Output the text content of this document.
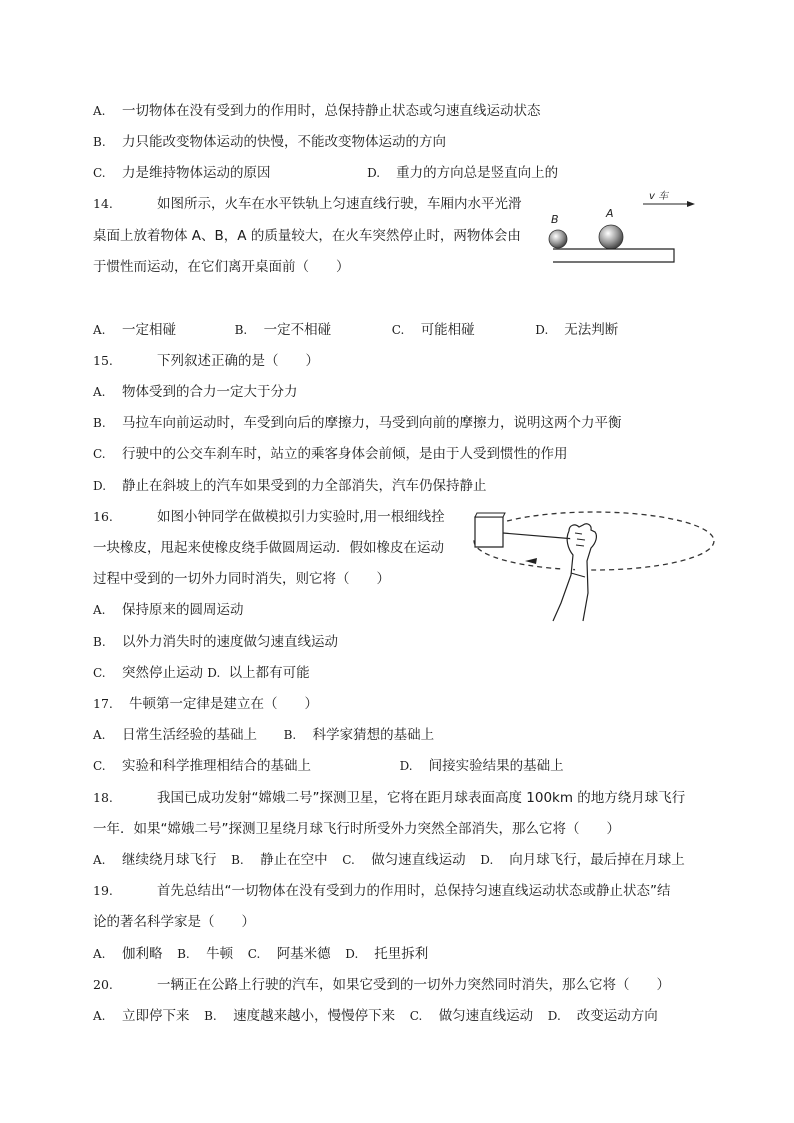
A. 一切物体在没有受到力的作用时，总保持静止状态或匀速直线运动状态
B. 力只能改变物体运动的快慢，不能改变物体运动的方向
C. 力是维持物体运动的原因	D. 重力的方向总是竖直向上的
14.	如图所示，火车在水平铁轨上匀速直线行驶，车厢内水平光滑
桌面上放着物体 A、B，A 的质量较大，在火车突然停止时，两物体会由
于惯性而运动，在它们离开桌面前（　　）
v 车
B	A
A. 一定相碰	B. 一定不相碰	C. 可能相碰	D. 无法判断
15.	下列叙述正确的是（　　）
A. 物体受到的合力一定大于分力
B. 马拉车向前运动时，车受到向后的摩擦力，马受到向前的摩擦力，说明这两个力平衡
C. 行驶中的公交车刹车时，站立的乘客身体会前倾，是由于人受到惯性的作用
D. 静止在斜坡上的汽车如果受到的力全部消失，汽车仍保持静止
16.	如图小钟同学在做模拟引力实验时,用一根细线拴
一块橡皮，甩起来使橡皮绕手做圆周运动．假如橡皮在运动
过程中受到的一切外力同时消失，则它将（　　）
A. 保持原来的圆周运动
B. 以外力消失时的速度做匀速直线运动
C. 突然停止运动 D. 以上都有可能
17. 牛顿第一定律是建立在（　　）
A. 日常生活经验的基础上 B. 科学家猜想的基础上
C. 实验和科学推理相结合的基础上	D. 间接实验结果的基础上
18.	我国已成功发射“嫦娥二号”探测卫星，它将在距月球表面高度 100km 的地方绕月球飞行
一年．如果“嫦娥二号”探测卫星绕月球飞行时所受外力突然全部消失，那么它将（　　）
A. 继续绕月球飞行 B. 静止在空中 C. 做匀速直线运动 D. 向月球飞行，最后掉在月球上
19.	首先总结出“一切物体在没有受到力的作用时，总保持匀速直线运动状态或静止状态”结
论的著名科学家是（　　）
A. 伽利略 B. 牛顿 C. 阿基米德 D. 托里拆利
20.	一辆正在公路上行驶的汽车，如果它受到的一切外力突然同时消失，那么它将（　　）
A. 立即停下来 B. 速度越来越小，慢慢停下来 C. 做匀速直线运动 D. 改变运动方向
